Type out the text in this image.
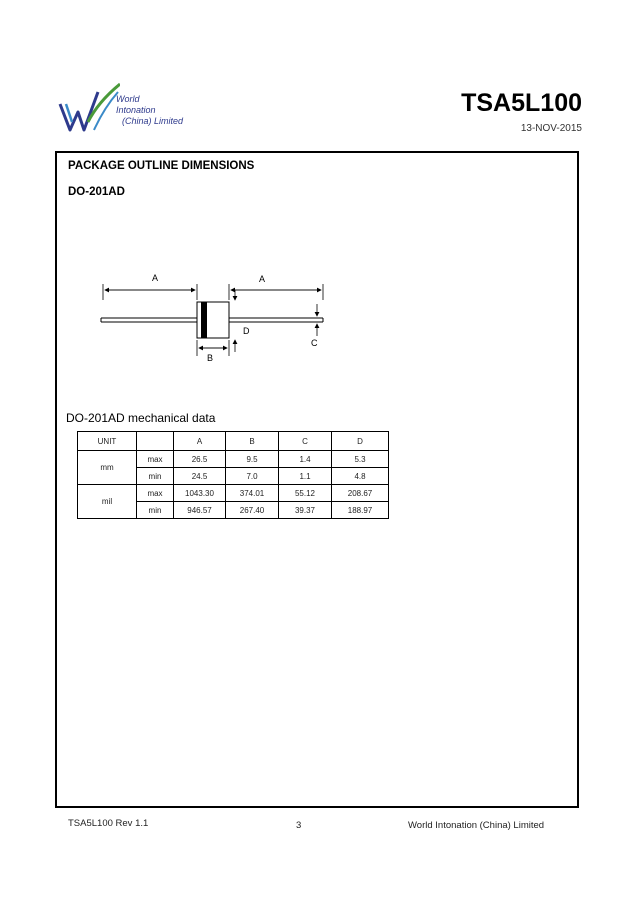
World
Intonation
(China) Limited
TSA5L100
13-NOV-2015
PACKAGE OUTLINE DIMENSIONS
DO-201AD
A	A
D
C
B
DO-201AD mechanical data
UNIT		A	B	C	D
mm	max	26.5	9.5	1.4	5.3
	min	24.5	7.0	1.1	4.8
mil	max	1043.30	374.01	55.12	208.67
	min	946.57	267.40	39.37	188.97
TSA5L100 Rev 1.1	3	World Intonation (China) Limited
